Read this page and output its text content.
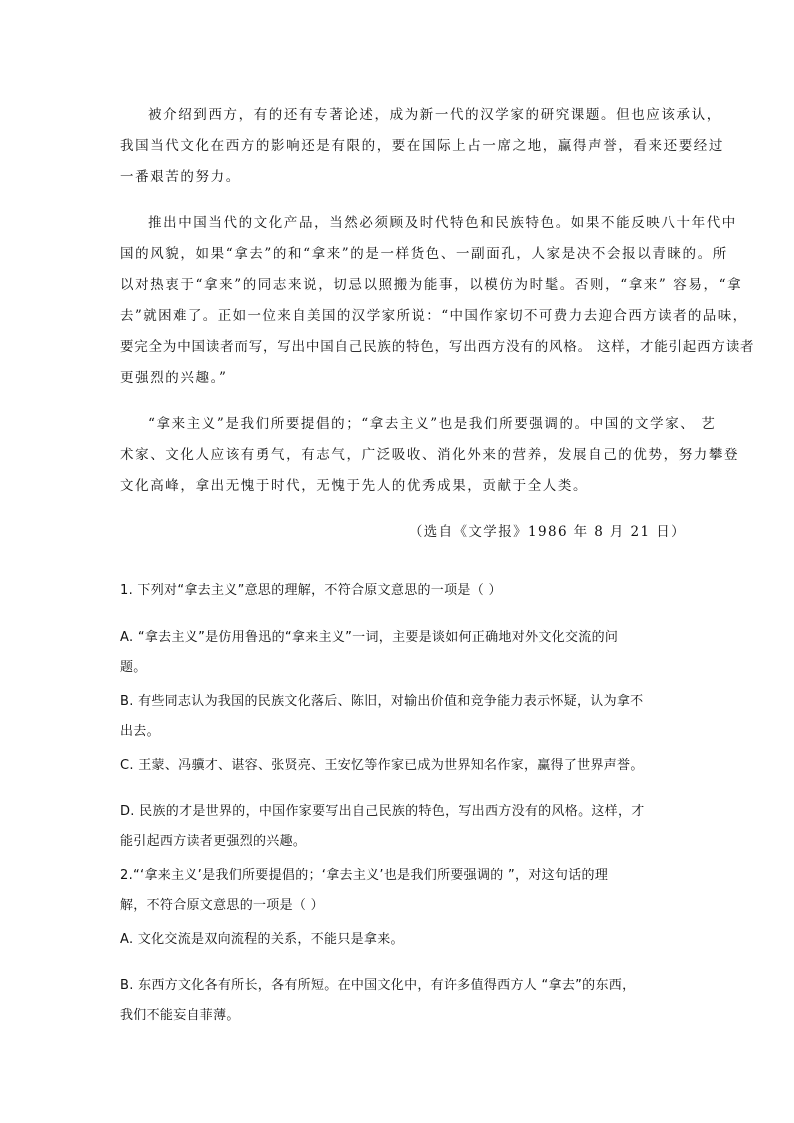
被介绍到西方，有的还有专著论述，成为新一代的汉学家的研究课题。但也应该承认，
我国当代文化在西方的影响还是有限的，要在国际上占一席之地，赢得声誉，看来还要经过
一番艰苦的努力。
推出中国当代的文化产品，当然必须顾及时代特色和民族特色。如果不能反映八十年代中
国的风貌，如果“拿去”的和“拿来”的是一样货色、一副面孔，人家是决不会报以青睐的。所
以对热衷于“拿来”的同志来说，切忌以照搬为能事，以模仿为时髦。否则，“拿来” 容易，“拿
去”就困难了。正如一位来自美国的汉学家所说：“中国作家切不可费力去迎合西方读者的品味，
要完全为中国读者而写，写出中国自己民族的特色，写出西方没有的风格。 这样，才能引起西方读者
更强烈的兴趣。”
“拿来主义”是我们所要提倡的；“拿去主义”也是我们所要强调的。中国的文学家、 艺
术家、文化人应该有勇气，有志气，广泛吸收、消化外来的营养，发展自己的优势，努力攀登
文化高峰，拿出无愧于时代，无愧于先人的优秀成果，贡献于全人类。
（选自《文学报》1986 年 8 月 21 日）
1. 下列对“拿去主义”意思的理解，不符合原文意思的一项是（ ）
A. “拿去主义”是仿用鲁迅的“拿来主义”一词，主要是谈如何正确地对外文化交流的问
题。
B. 有些同志认为我国的民族文化落后、陈旧，对输出价值和竞争能力表示怀疑，认为拿不
出去。
C. 王蒙、冯骥才、谌容、张贤亮、王安忆等作家已成为世界知名作家，赢得了世界声誉。
D. 民族的才是世界的，中国作家要写出自己民族的特色，写出西方没有的风格。这样，才
能引起西方读者更强烈的兴趣。
2.“‘拿来主义’是我们所要提倡的；‘拿去主义’也是我们所要强调的 ”，对这句话的理
解，不符合原文意思的一项是（ ）
A. 文化交流是双向流程的关系，不能只是拿来。
B. 东西方文化各有所长，各有所短。在中国文化中，有许多值得西方人 “拿去”的东西，
我们不能妄自菲薄。
